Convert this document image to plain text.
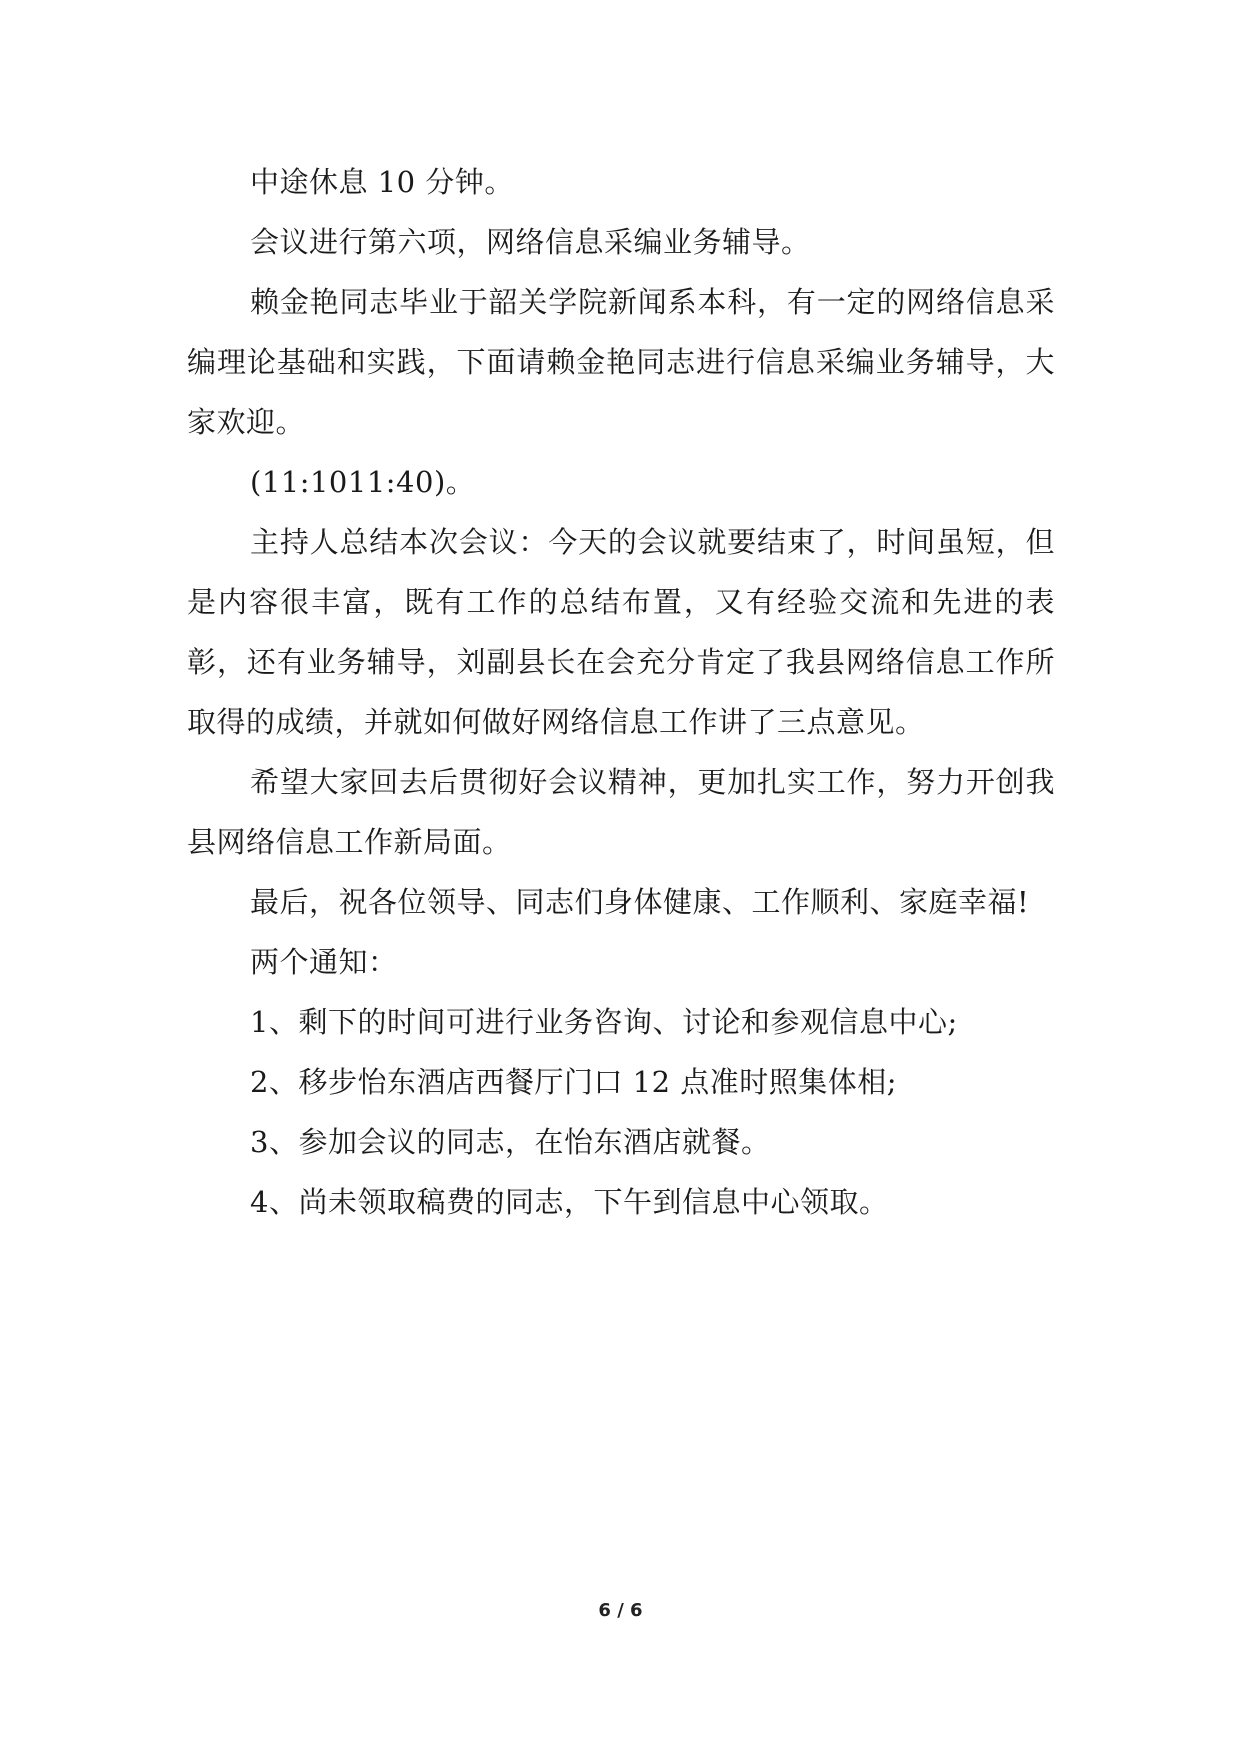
中途休息 10 分钟。

会议进行第六项，网络信息采编业务辅导。

赖金艳同志毕业于韶关学院新闻系本科，有一定的网络信息采编理论基础和实践，下面请赖金艳同志进行信息采编业务辅导，大家欢迎。

(11:1011:40)。

主持人总结本次会议：今天的会议就要结束了，时间虽短，但是内容很丰富，既有工作的总结布置，又有经验交流和先进的表彰，还有业务辅导，刘副县长在会充分肯定了我县网络信息工作所取得的成绩，并就如何做好网络信息工作讲了三点意见。

希望大家回去后贯彻好会议精神，更加扎实工作，努力开创我县网络信息工作新局面。

最后，祝各位领导、同志们身体健康、工作顺利、家庭幸福!

两个通知：

1、剩下的时间可进行业务咨询、讨论和参观信息中心;

2、移步怡东酒店西餐厅门口 12 点准时照集体相;

3、参加会议的同志，在怡东酒店就餐。

4、尚未领取稿费的同志，下午到信息中心领取。

6 / 6
